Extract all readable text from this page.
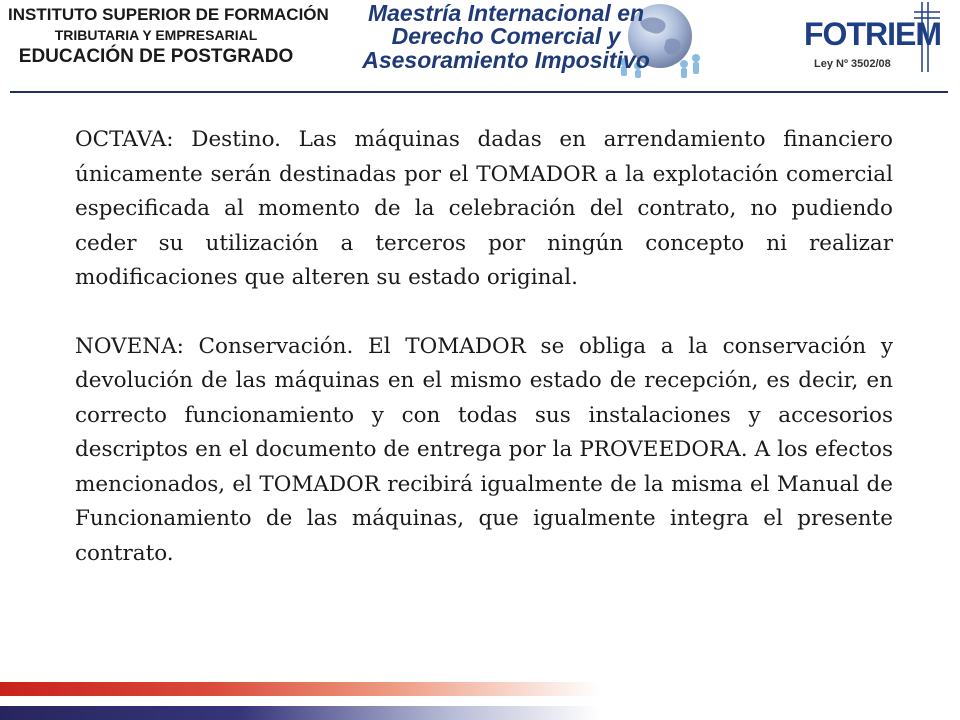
INSTITUTO SUPERIOR DE FORMACIÓN
TRIBUTARIA Y EMPRESARIAL
EDUCACIÓN DE POSTGRADO
Maestría Internacional en
Derecho Comercial y
Asesoramiento Impositivo
FOTRIEM
Ley Nº 3502/08

OCTAVA: Destino. Las máquinas dadas en arrendamiento financiero únicamente serán destinadas por el TOMADOR a la explotación comercial especificada al momento de la celebración del contrato, no pudiendo ceder su utilización a terceros por ningún concepto ni realizar modificaciones que alteren su estado original.

NOVENA: Conservación. El TOMADOR se obliga a la conservación y devolución de las máquinas en el mismo estado de recepción, es decir, en correcto funcionamiento y con todas sus instalaciones y accesorios descriptos en el documento de entrega por la PROVEEDORA. A los efectos mencionados, el TOMADOR recibirá igualmente de la misma el Manual de Funcionamiento de las máquinas, que igualmente integra el presente contrato.
